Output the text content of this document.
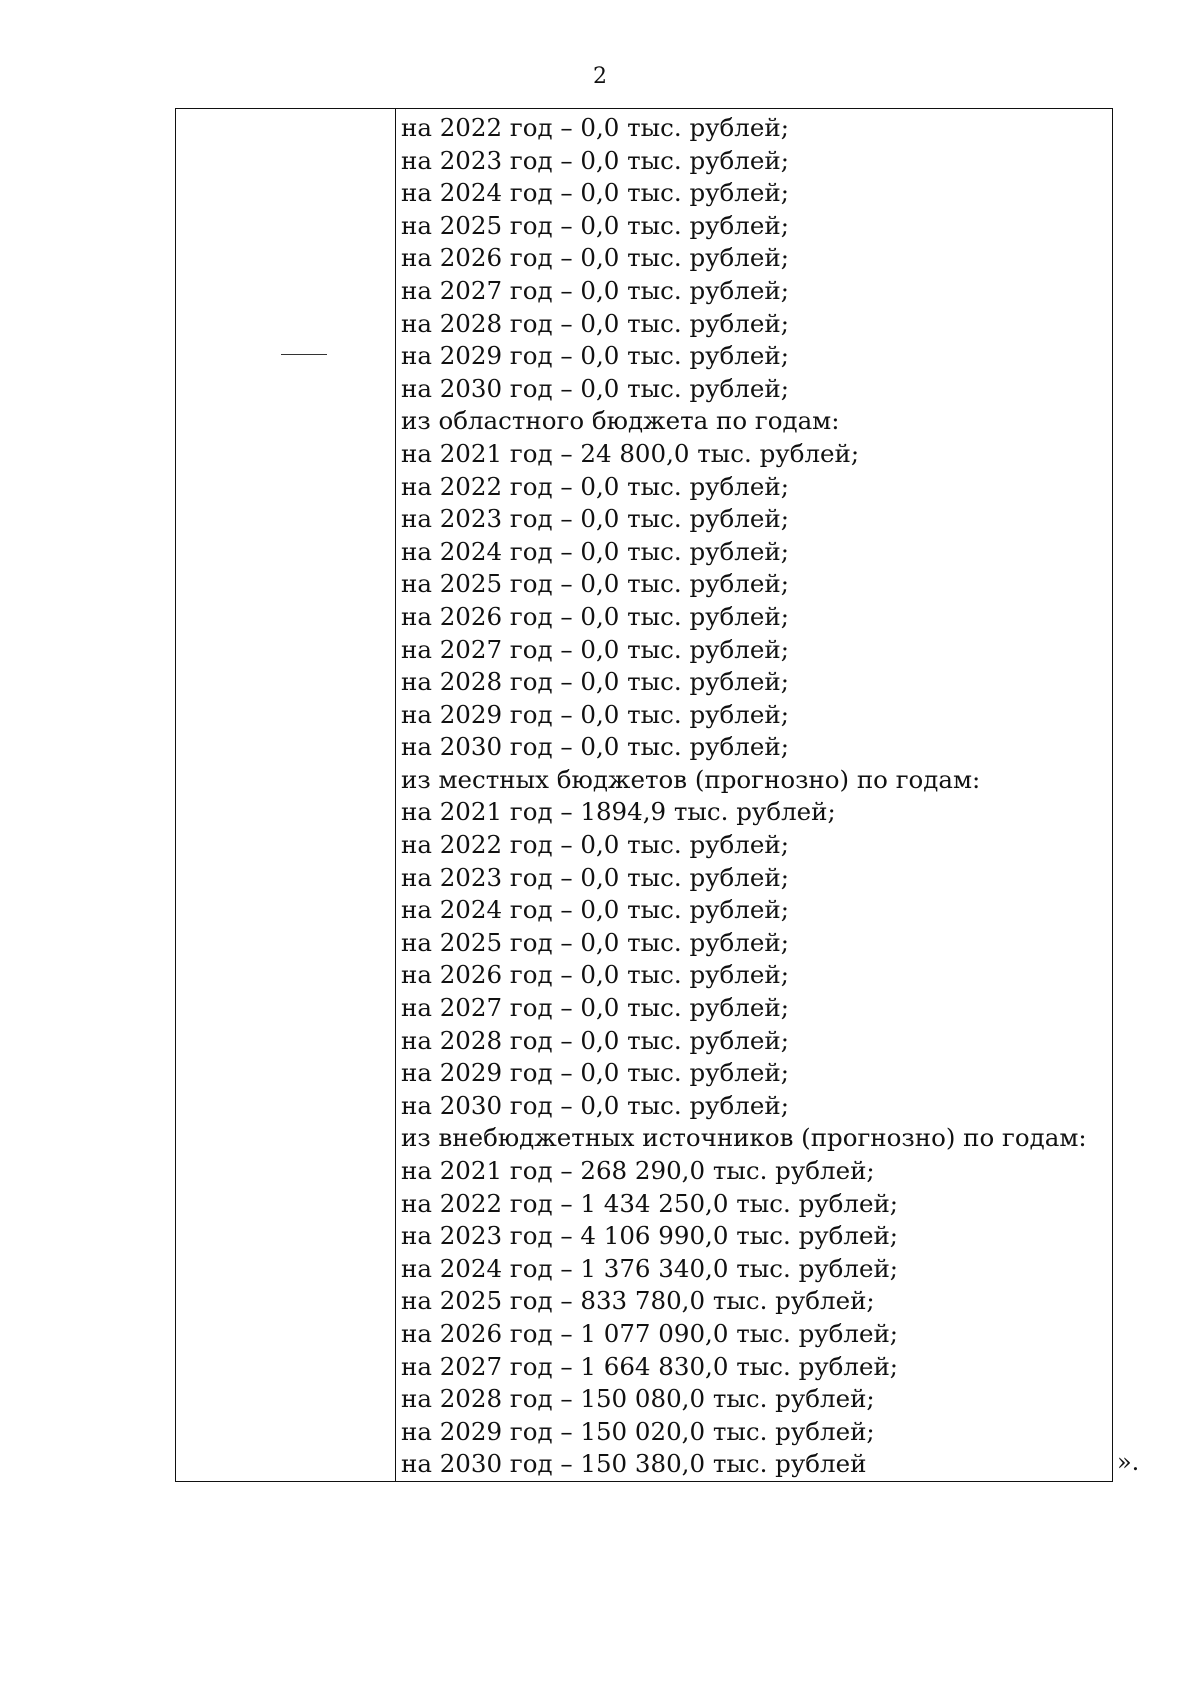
2
на 2022 год – 0,0 тыс. рублей;
на 2023 год – 0,0 тыс. рублей;
на 2024 год – 0,0 тыс. рублей;
на 2025 год – 0,0 тыс. рублей;
на 2026 год – 0,0 тыс. рублей;
на 2027 год – 0,0 тыс. рублей;
на 2028 год – 0,0 тыс. рублей;
на 2029 год – 0,0 тыс. рублей;
на 2030 год – 0,0 тыс. рублей;
из областного бюджета по годам:
на 2021 год – 24 800,0 тыс. рублей;
на 2022 год – 0,0 тыс. рублей;
на 2023 год – 0,0 тыс. рублей;
на 2024 год – 0,0 тыс. рублей;
на 2025 год – 0,0 тыс. рублей;
на 2026 год – 0,0 тыс. рублей;
на 2027 год – 0,0 тыс. рублей;
на 2028 год – 0,0 тыс. рублей;
на 2029 год – 0,0 тыс. рублей;
на 2030 год – 0,0 тыс. рублей;
из местных бюджетов (прогнозно) по годам:
на 2021 год – 1894,9 тыс. рублей;
на 2022 год – 0,0 тыс. рублей;
на 2023 год – 0,0 тыс. рублей;
на 2024 год – 0,0 тыс. рублей;
на 2025 год – 0,0 тыс. рублей;
на 2026 год – 0,0 тыс. рублей;
на 2027 год – 0,0 тыс. рублей;
на 2028 год – 0,0 тыс. рублей;
на 2029 год – 0,0 тыс. рублей;
на 2030 год – 0,0 тыс. рублей;
из внебюджетных источников (прогнозно) по годам:
на 2021 год – 268 290,0 тыс. рублей;
на 2022 год – 1 434 250,0 тыс. рублей;
на 2023 год – 4 106 990,0 тыс. рублей;
на 2024 год – 1 376 340,0 тыс. рублей;
на 2025 год – 833 780,0 тыс. рублей;
на 2026 год – 1 077 090,0 тыс. рублей;
на 2027 год – 1 664 830,0 тыс. рублей;
на 2028 год – 150 080,0 тыс. рублей;
на 2029 год – 150 020,0 тыс. рублей;
на 2030 год – 150 380,0 тыс. рублей	».
